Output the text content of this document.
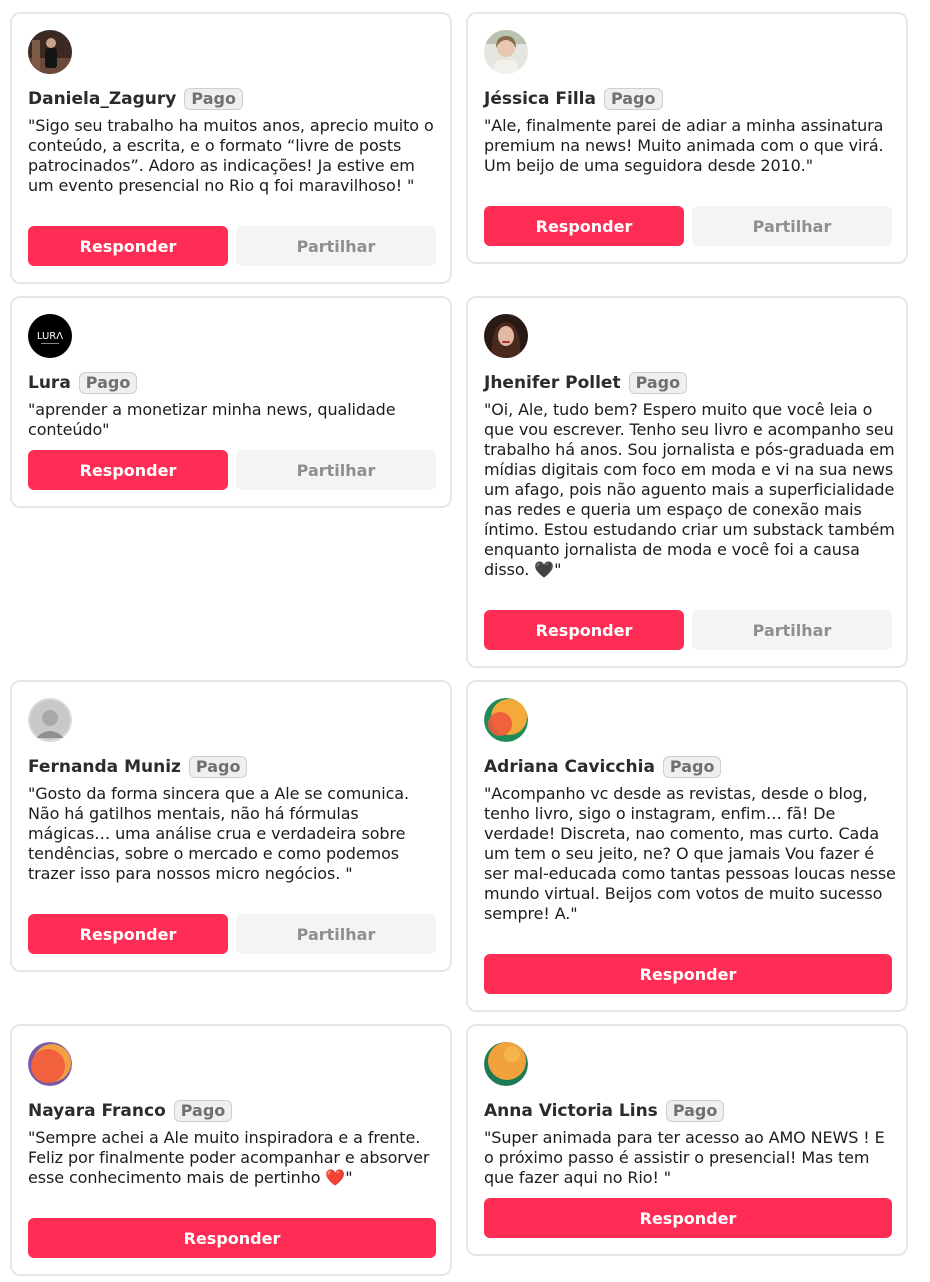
Daniela_Zagury Pago

"Sigo seu trabalho ha muitos anos, aprecio muito o conteúdo, a escrita, e o formato “livre de posts patrocinados”. Adoro as indicações! Ja estive em um evento presencial no Rio q foi maravilhoso! "

Responder	Partilhar
Jéssica Filla Pago

"Ale, finalmente parei de adiar a minha assinatura premium na news! Muito animada com o que virá. Um beijo de uma seguidora desde 2010."

Responder	Partilhar
LURΛ
Lura Pago

"aprender a monetizar minha news, qualidade conteúdo"

Responder	Partilhar
Jhenifer Pollet Pago

"Oi, Ale, tudo bem? Espero muito que você leia o que vou escrever. Tenho seu livro e acompanho seu trabalho há anos. Sou jornalista e pós-graduada em mídias digitais com foco em moda e vi na sua news um afago, pois não aguento mais a superficialidade nas redes e queria um espaço de conexão mais íntimo. Estou estudando criar um substack também enquanto jornalista de moda e você foi a causa disso. 🖤"

Responder	Partilhar
Fernanda Muniz Pago

"Gosto da forma sincera que a Ale se comunica. Não há gatilhos mentais, não há fórmulas mágicas… uma análise crua e verdadeira sobre tendências, sobre o mercado e como podemos trazer isso para nossos micro negócios. "

Responder	Partilhar
Adriana Cavicchia Pago

"Acompanho vc desde as revistas, desde o blog, tenho livro, sigo o instagram, enfim… fã! De verdade! Discreta, nao comento, mas curto. Cada um tem o seu jeito, ne? O que jamais Vou fazer é ser mal-educada como tantas pessoas loucas nesse mundo virtual. Beijos com votos de muito sucesso sempre! A."

Responder
Nayara Franco Pago

"Sempre achei a Ale muito inspiradora e a frente. Feliz por finalmente poder acompanhar e absorver esse conhecimento mais de pertinho ❤️"

Responder
Anna Victoria Lins Pago

"Super animada para ter acesso ao AMO NEWS ! E o próximo passo é assistir o presencial! Mas tem que fazer aqui no Rio! "

Responder
